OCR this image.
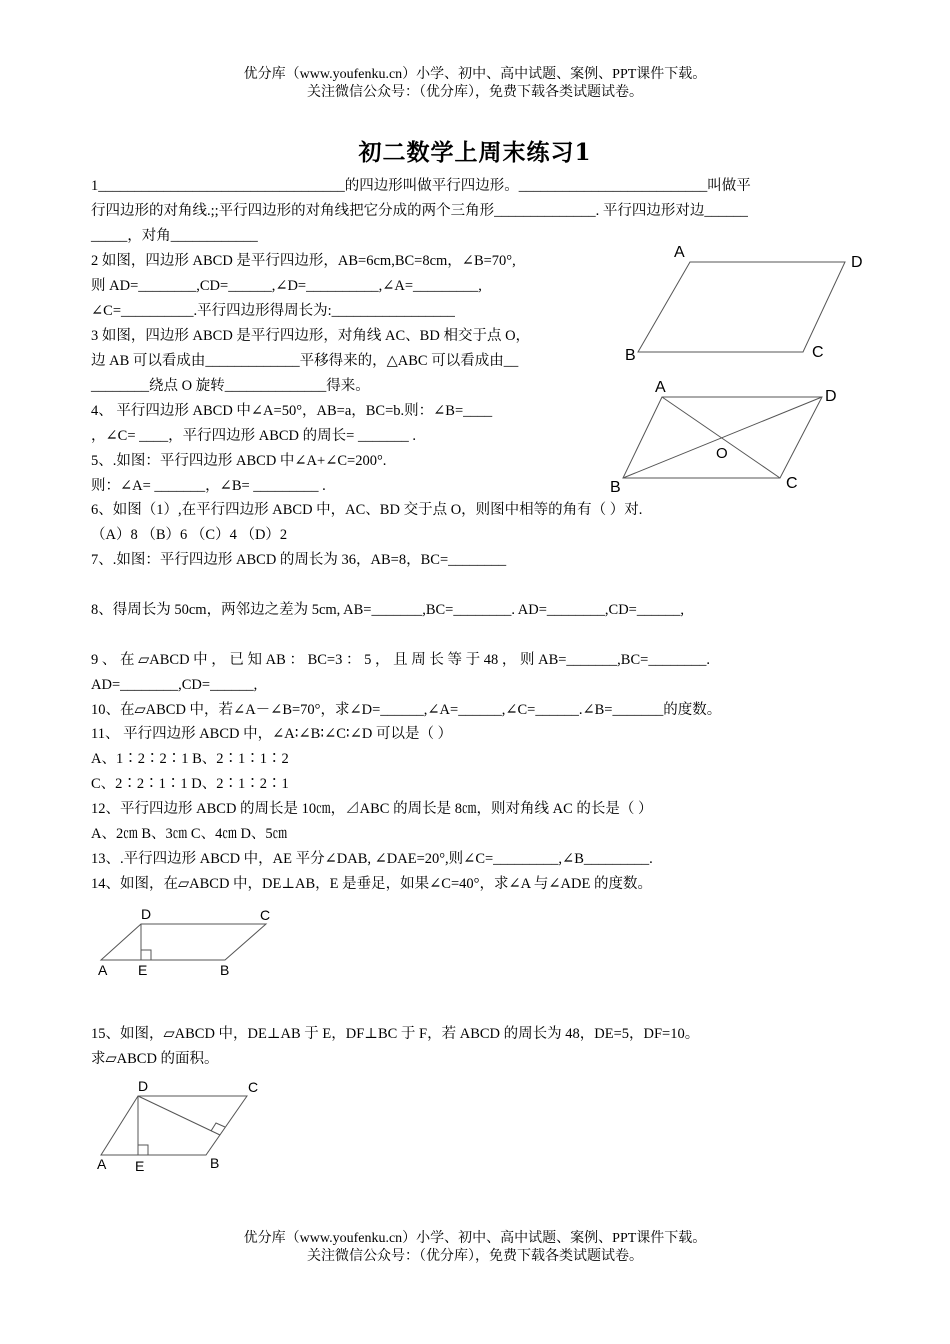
优分库（www.youfenku.cn）小学、初中、高中试题、案例、PPT课件下载。
关注微信公众号：（优分库），免费下载各类试题试卷。
初二数学上周末练习1
1__________________________________的四边形叫做平行四边形。__________________________叫做平
行四边形的对角线.;;平行四边形的对角线把它分成的两个三角形______________. 平行四边形对边______
_____，对角____________
2 如图，四边形 ABCD 是平行四边形，AB=6cm,BC=8cm，∠B=70°,
则 AD=________,CD=______,∠D=__________,∠A=_________,
∠C=__________.平行四边形得周长为:_________________
3 如图，四边形 ABCD 是平行四边形，对角线 AC、BD 相交于点 O，
边 AB 可以看成由_____________平移得来的，△ABC 可以看成由__
________绕点 O 旋转______________得来。
4、 平行四边形 ABCD 中∠A=50°，AB=a，BC=b.则：∠B=____
，∠C= ____，平行四边形 ABCD 的周长= _______ .
5、.如图：平行四边形 ABCD 中∠A+∠C=200°.
则：∠A= _______，∠B= _________ .
6、如图（1）,在平行四边形 ABCD 中，AC、BD 交于点 O，则图中相等的角有（ ）对.
（A）8 （B）6 （C）4 （D）2
7、.如图：平行四边形 ABCD 的周长为 36，AB=8，BC=________
8、得周长为 50cm，两邻边之差为 5cm, AB=_______,BC=________. AD=________,CD=______,
9 、 在 ▱ABCD 中 ， 已 知 AB ： BC=3 ： 5 ， 且 周 长 等 于 48 ， 则 AB=_______,BC=________.
AD=________,CD=______,
10、在▱ABCD 中，若∠A－∠B=70°，求∠D=______,∠A=______,∠C=______.∠B=_______的度数。
11、 平行四边形 ABCD 中，∠A∶∠B∶∠C∶∠D 可以是（ ）
A、1∶2∶2∶1 B、2∶1∶1∶2
C、2∶2∶1∶1 D、2∶1∶2∶1
12、平行四边形 ABCD 的周长是 10㎝，⊿ABC 的周长是 8㎝，则对角线 AC 的长是（ ）
A、2㎝ B、3㎝ C、4㎝ D、5㎝
13、.平行四边形 ABCD 中，AE 平分∠DAB, ∠DAE=20°,则∠C=_________,∠B_________.
14、如图，在▱ABCD 中，DE⊥AB，E 是垂足，如果∠C=40°，求∠A 与∠ADE 的度数。
15、如图，▱ABCD 中，DE⊥AB 于 E，DF⊥BC 于 F，若 ABCD 的周长为 48，DE=5，DF=10。
求▱ABCD 的面积。
A
D
B	C
A
D
B	C
O
D	C
A E	B
D	C
A E	B
优分库（www.youfenku.cn）小学、初中、高中试题、案例、PPT课件下载。
关注微信公众号：（优分库），免费下载各类试题试卷。
